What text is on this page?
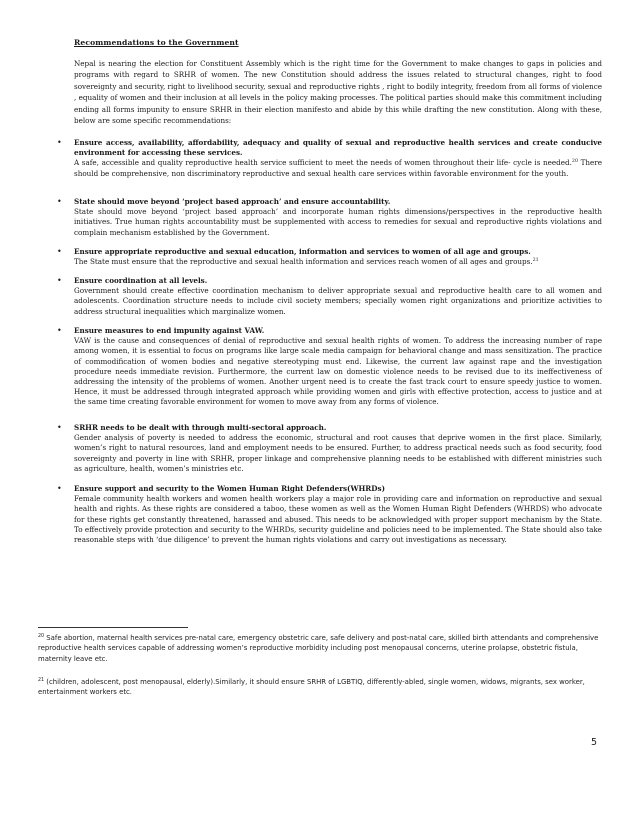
Recommendations to the Government
Nepal is nearing the election for Constituent Assembly which is the right time for the Government to make changes to gaps in policies and programs with regard to SRHR of women. The new Constitution should address the issues related to structural changes, right to food sovereignty and security, right to livelihood security, sexual and reproductive rights , right to bodily integrity, freedom from all forms of violence , equality of women and their inclusion at all levels in the policy making processes. The political parties should make this commitment including ending all forms impunity to ensure SRHR in their election manifesto and abide by this while drafting the new constitution. Along with these, below are some specific recommendations:
• Ensure access, availability, affordability, adequacy and quality of sexual and reproductive health services and create conducive environment for accessing these services.
A safe, accessible and quality reproductive health service sufficient to meet the needs of women throughout their life- cycle is needed.$^{20}$ There should be comprehensive, non discriminatory reproductive and sexual health care services within favorable environment for the youth.
• State should move beyond ‘project based approach’ and ensure accountability.
State should move beyond ‘project based approach’ and incorporate human rights dimensions/perspectives in the reproductive health initiatives. True human rights accountability must be supplemented with access to remedies for sexual and reproductive rights violations and complain mechanism established by the Government.
• Ensure appropriate reproductive and sexual education, information and services to women of all age and groups.
The State must ensure that the reproductive and sexual health information and services reach women of all ages and groups.$^{21}$
• Ensure coordination at all levels.
Government should create effective coordination mechanism to deliver appropriate sexual and reproductive health care to all women and adolescents. Coordination structure needs to include civil society members; specially women right organizations and prioritize activities to address structural inequalities which marginalize women.
• Ensure measures to end impunity against VAW.
VAW is the cause and consequences of denial of reproductive and sexual health rights of women. To address the increasing number of rape among women, it is essential to focus on programs like large scale media campaign for behavioral change and mass sensitization. The practice of commodification of women bodies and negative stereotyping must end. Likewise, the current law against rape and the investigation procedure needs immediate revision. Furthermore, the current law on domestic violence needs to be revised due to its ineffectiveness of addressing the intensity of the problems of women. Another urgent need is to create the fast track court to ensure speedy justice to women. Hence, it must be addressed through integrated approach while providing women and girls with effective protection, access to justice and at the same time creating favorable environment for women to move away from any forms of violence.
• SRHR needs to be dealt with through multi-sectoral approach.
Gender analysis of poverty is needed to address the economic, structural and root causes that deprive women in the first place. Similarly, women’s right to natural resources, land and employment needs to be ensured. Further, to address practical needs such as food security, food sovereignty and poverty in line with SRHR, proper linkage and comprehensive planning needs to be established with different ministries such as agriculture, health, women’s ministries etc.
• Ensure support and security to the Women Human Right Defenders(WHRDs)
Female community health workers and women health workers play a major role in providing care and information on reproductive and sexual health and rights. As these rights are considered a taboo, these women as well as the Women Human Right Defenders (WHRDS) who advocate for these rights get constantly threatened, harassed and abused. This needs to be acknowledged with proper support mechanism by the State. To effectively provide protection and security to the WHRDs, security guideline and policies need to be implemented. The State should also take reasonable steps with ‘due diligence’ to prevent the human rights violations and carry out investigations as necessary.
$^{20}$ Safe abortion, maternal health services pre-natal care, emergency obstetric care, safe delivery and post-natal care, skilled birth attendants and comprehensive reproductive health services capable of addressing women’s reproductive morbidity including post menopausal concerns, uterine prolapse, obstetric fistula, maternity leave etc.
$^{21}$ (children, adolescent, post menopausal, elderly).Similarly, it should ensure SRHR of LGBTIQ, differently-abled, single women, widows, migrants, sex worker, entertainment workers etc.
5
